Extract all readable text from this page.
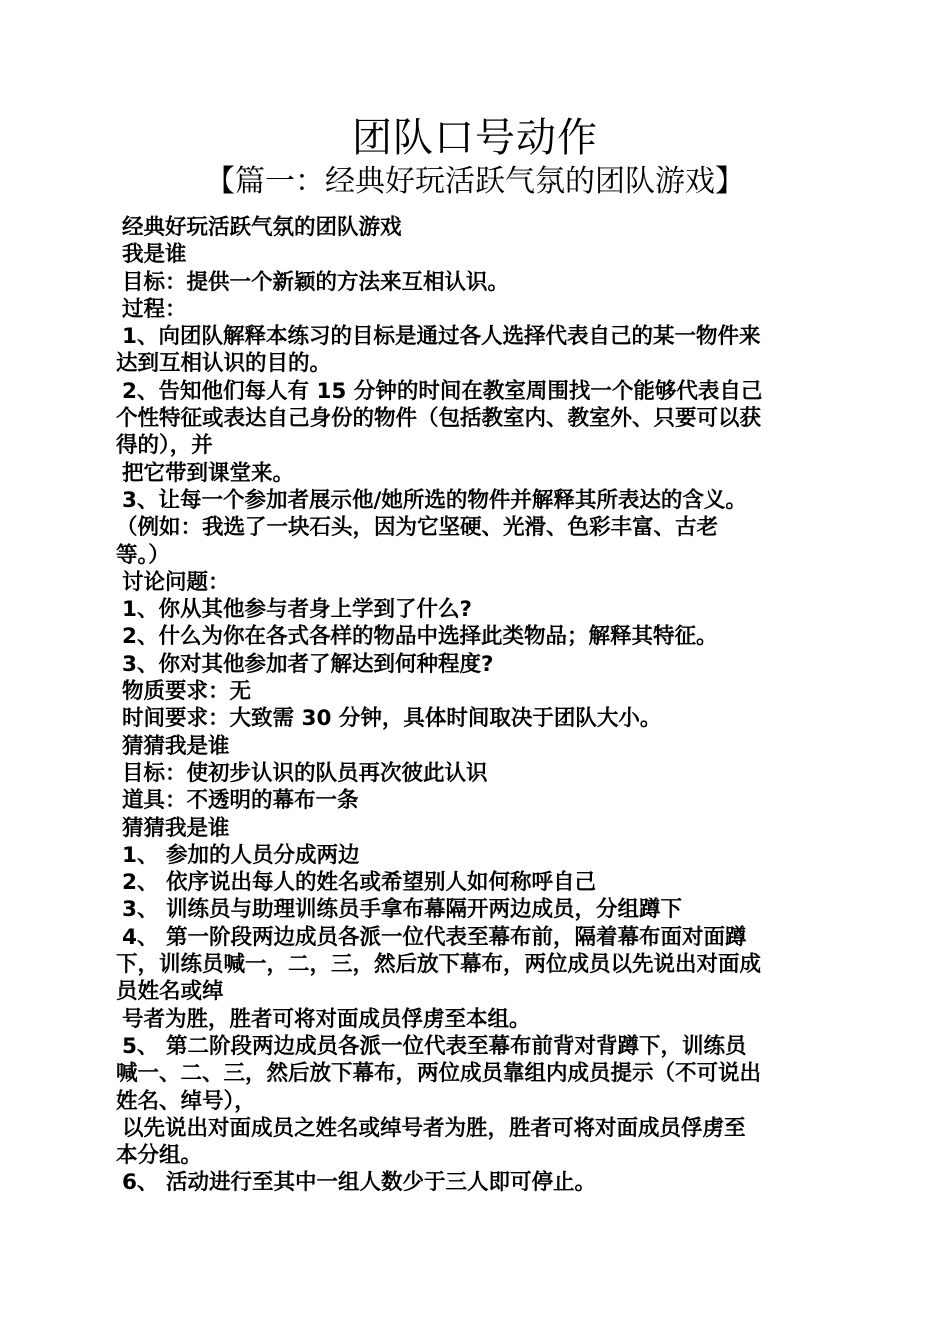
团队口号动作
【篇一：经典好玩活跃气氛的团队游戏】
经典好玩活跃气氛的团队游戏
我是谁
目标：提供一个新颖的方法来互相认识。
过程：
1、向团队解释本练习的目标是通过各人选择代表自己的某一物件来
达到互相认识的目的。
2、告知他们每人有 15 分钟的时间在教室周围找一个能够代表自己
个性特征或表达自己身份的物件（包括教室内、教室外、只要可以获
得的），并
把它带到课堂来。
3、让每一个参加者展示他/她所选的物件并解释其所表达的含义。
（例如：我选了一块石头，因为它坚硬、光滑、色彩丰富、古老
等。）
讨论问题：
1、你从其他参与者身上学到了什么?
2、什么为你在各式各样的物品中选择此类物品；解释其特征。
3、你对其他参加者了解达到何种程度?
物质要求：无
时间要求：大致需 30 分钟，具体时间取决于团队大小。
猜猜我是谁
目标：使初步认识的队员再次彼此认识
道具：不透明的幕布一条
猜猜我是谁
1、 参加的人员分成两边
2、 依序说出每人的姓名或希望别人如何称呼自己
3、 训练员与助理训练员手拿布幕隔开两边成员，分组蹲下
4、 第一阶段两边成员各派一位代表至幕布前，隔着幕布面对面蹲
下，训练员喊一，二，三，然后放下幕布，两位成员以先说出对面成
员姓名或绰
号者为胜，胜者可将对面成员俘虏至本组。
5、 第二阶段两边成员各派一位代表至幕布前背对背蹲下，训练员
喊一、二、三，然后放下幕布，两位成员靠组内成员提示（不可说出
姓名、绰号），
以先说出对面成员之姓名或绰号者为胜，胜者可将对面成员俘虏至
本分组。
6、 活动进行至其中一组人数少于三人即可停止。
